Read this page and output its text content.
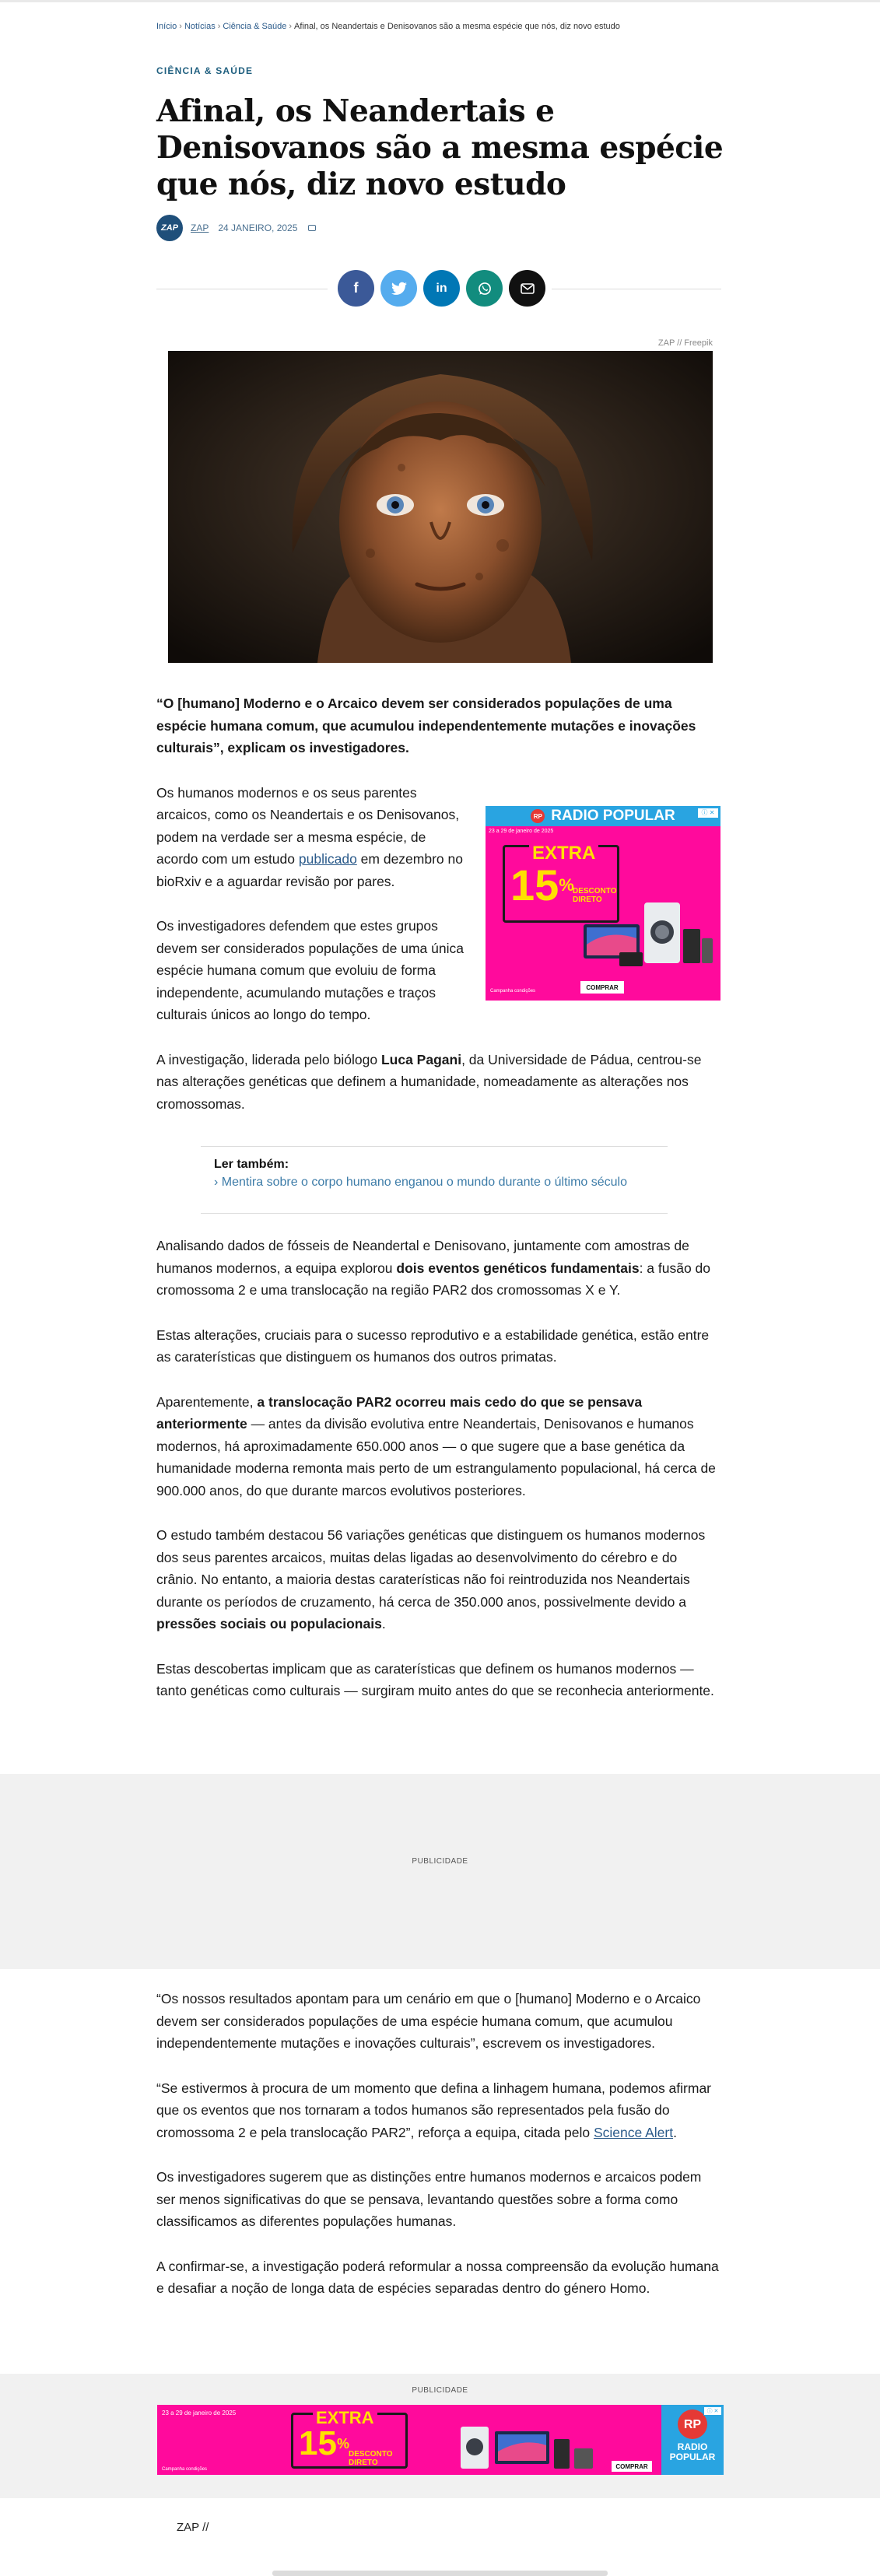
Início › Notícias › Ciência & Saúde › Afinal, os Neandertais e Denisovanos são a mesma espécie que nós, diz novo estudo
CIÊNCIA & SAÚDE
Afinal, os Neandertais e Denisovanos são a mesma espécie que nós, diz novo estudo
ZAP	ZAP 24 JANEIRO, 2025
f	in
ZAP // Freepik

“O [humano] Moderno e o Arcaico devem ser considerados populações de uma espécie humana comum, que acumulou independentemente mutações e inovações culturais”, explicam os investigadores.

Os humanos modernos e os seus parentes arcaicos, como os Neandertais e os Denisovanos, podem na verdade ser a mesma espécie, de acordo com um estudo publicado em dezembro no bioRxiv e a aguardar revisão por pares.

Os investigadores defendem que estes grupos devem ser considerados populações de uma única espécie humana comum que evoluiu de forma independente, acumulando mutações e traços culturais únicos ao longo do tempo.

A investigação, liderada pelo biólogo Luca Pagani, da Universidade de Pádua, centrou-se nas alterações genéticas que definem a humanidade, nomeadamente as alterações nos cromossomas.

Analisando dados de fósseis de Neandertal e Denisovano, juntamente com amostras de humanos modernos, a equipa explorou dois eventos genéticos fundamentais: a fusão do cromossoma 2 e uma translocação na região PAR2 dos cromossomas X e Y.

Estas alterações, cruciais para o sucesso reprodutivo e a estabilidade genética, estão entre as caraterísticas que distinguem os humanos dos outros primatas.

Aparentemente, a translocação PAR2 ocorreu mais cedo do que se pensava anteriormente — antes da divisão evolutiva entre Neandertais, Denisovanos e humanos modernos, há aproximadamente 650.000 anos — o que sugere que a base genética da humanidade moderna remonta mais perto de um estrangulamento populacional, há cerca de 900.000 anos, do que durante marcos evolutivos posteriores.

O estudo também destacou 56 variações genéticas que distinguem os humanos modernos dos seus parentes arcaicos, muitas delas ligadas ao desenvolvimento do cérebro e do crânio. No entanto, a maioria destas caraterísticas não foi reintroduzida nos Neandertais durante os períodos de cruzamento, há cerca de 350.000 anos, possivelmente devido a pressões sociais ou populacionais.

Estas descobertas implicam que as caraterísticas que definem os humanos modernos — tanto genéticas como culturais — surgiram muito antes do que se reconhecia anteriormente.

RP RADIO POPULAR	ⓘ ✕
23 a 29 de janeiro de 2025
EXTRA
15%
DESCONTO
DIRETO
COMPRAR
Campanha condições
Ler também:
› Mentira sobre o corpo humano enganou o mundo durante o último século
PUBLICIDADE

“Os nossos resultados apontam para um cenário em que o [humano] Moderno e o Arcaico devem ser considerados populações de uma espécie humana comum, que acumulou independentemente mutações e inovações culturais”, escrevem os investigadores.

“Se estivermos à procura de um momento que defina a linhagem humana, podemos afirmar que os eventos que nos tornaram a todos humanos são representados pela fusão do cromossoma 2 e pela translocação PAR2”, reforça a equipa, citada pelo Science Alert.

Os investigadores sugerem que as distinções entre humanos modernos e arcaicos podem ser menos significativas do que se pensava, levantando questões sobre a forma como classificamos as diferentes populações humanas.

A confirmar-se, a investigação poderá reformular a nossa compreensão da evolução humana e desafiar a noção de longa data de espécies separadas dentro do género Homo.

PUBLICIDADE
23 a 29 de janeiro de 2025	EXTRA
15%
DESCONTO
DIRETO	COMPRAR
RP
RADIO
POPULAR
ⓘ ✕
Campanha condições
ZAP //
